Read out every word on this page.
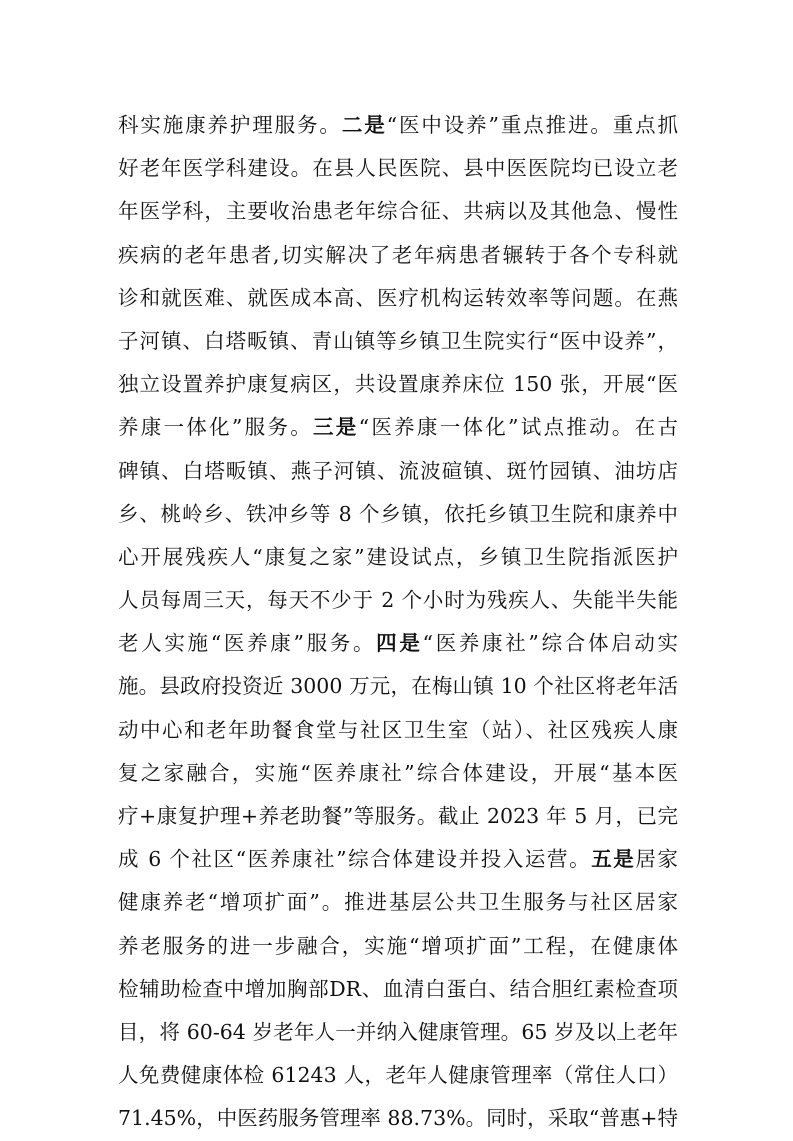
科实施康养护理服务。二是“医中设养”重点推进。重点抓
好老年医学科建设。在县人民医院、县中医医院均已设立老
年医学科，主要收治患老年综合征、共病以及其他急、慢性
疾病的老年患者,切实解决了老年病患者辗转于各个专科就
诊和就医难、就医成本高、医疗机构运转效率等问题。在燕
子河镇、白塔畈镇、青山镇等乡镇卫生院实行“医中设养”，
独立设置养护康复病区，共设置康养床位 150 张，开展“医
养康一体化”服务。三是“医养康一体化”试点推动。在古
碑镇、白塔畈镇、燕子河镇、流波碹镇、斑竹园镇、油坊店
乡、桃岭乡、铁冲乡等 8 个乡镇，依托乡镇卫生院和康养中
心开展残疾人“康复之家”建设试点，乡镇卫生院指派医护
人员每周三天，每天不少于 2 个小时为残疾人、失能半失能
老人实施“医养康”服务。四是“医养康社”综合体启动实
施。县政府投资近 3000 万元，在梅山镇 10 个社区将老年活
动中心和老年助餐食堂与社区卫生室（站）、社区残疾人康
复之家融合，实施“医养康社”综合体建设，开展“基本医
疗+康复护理+养老助餐”等服务。截止 2023 年 5 月，已完
成 6 个社区“医养康社”综合体建设并投入运营。五是居家
健康养老“增项扩面”。推进基层公共卫生服务与社区居家
养老服务的进一步融合，实施“增项扩面”工程，在健康体
检辅助检查中增加胸部DR、血清白蛋白、结合胆红素检查项
目，将 60-64 岁老年人一并纳入健康管理。65 岁及以上老年
人免费健康体检 61243 人，老年人健康管理率（常住人口）
71.45%，中医药服务管理率 88.73%。同时，采取“普惠+特
